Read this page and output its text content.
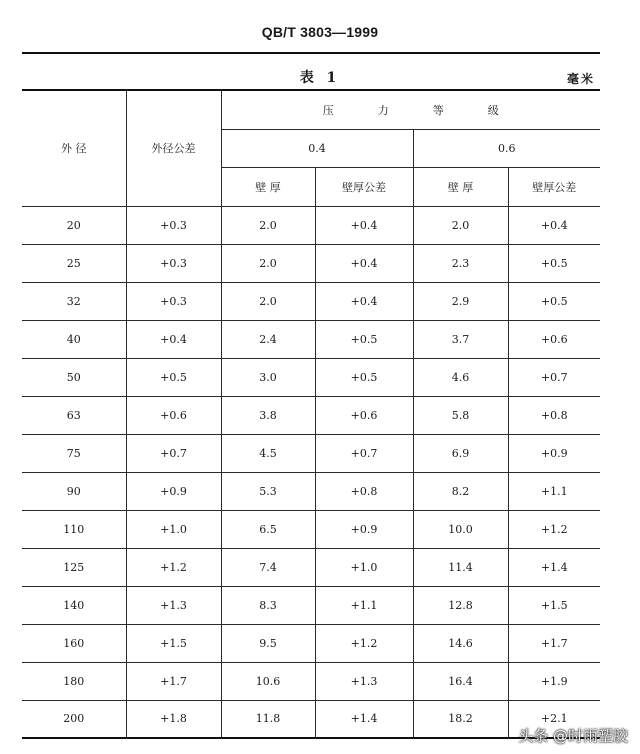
QB/T 3803—1999
表 1	毫米
外 径	外径公差	压 力 等 级			
		0.4		0.6	
		壁 厚	壁厚公差	壁 厚	壁厚公差
20	+0.3	2.0	+0.4	2.0	+0.4
25	+0.3	2.0	+0.4	2.3	+0.5
32	+0.3	2.0	+0.4	2.9	+0.5
40	+0.4	2.4	+0.5	3.7	+0.6
50	+0.5	3.0	+0.5	4.6	+0.7
63	+0.6	3.8	+0.6	5.8	+0.8
75	+0.7	4.5	+0.7	6.9	+0.9
90	+0.9	5.3	+0.8	8.2	+1.1
110	+1.0	6.5	+0.9	10.0	+1.2
125	+1.2	7.4	+1.0	11.4	+1.4
140	+1.3	8.3	+1.1	12.8	+1.5
160	+1.5	9.5	+1.2	14.6	+1.7
180	+1.7	10.6	+1.3	16.4	+1.9
200	+1.8	11.8	+1.4	18.2	+2.1
头条 @时雨塑胶
